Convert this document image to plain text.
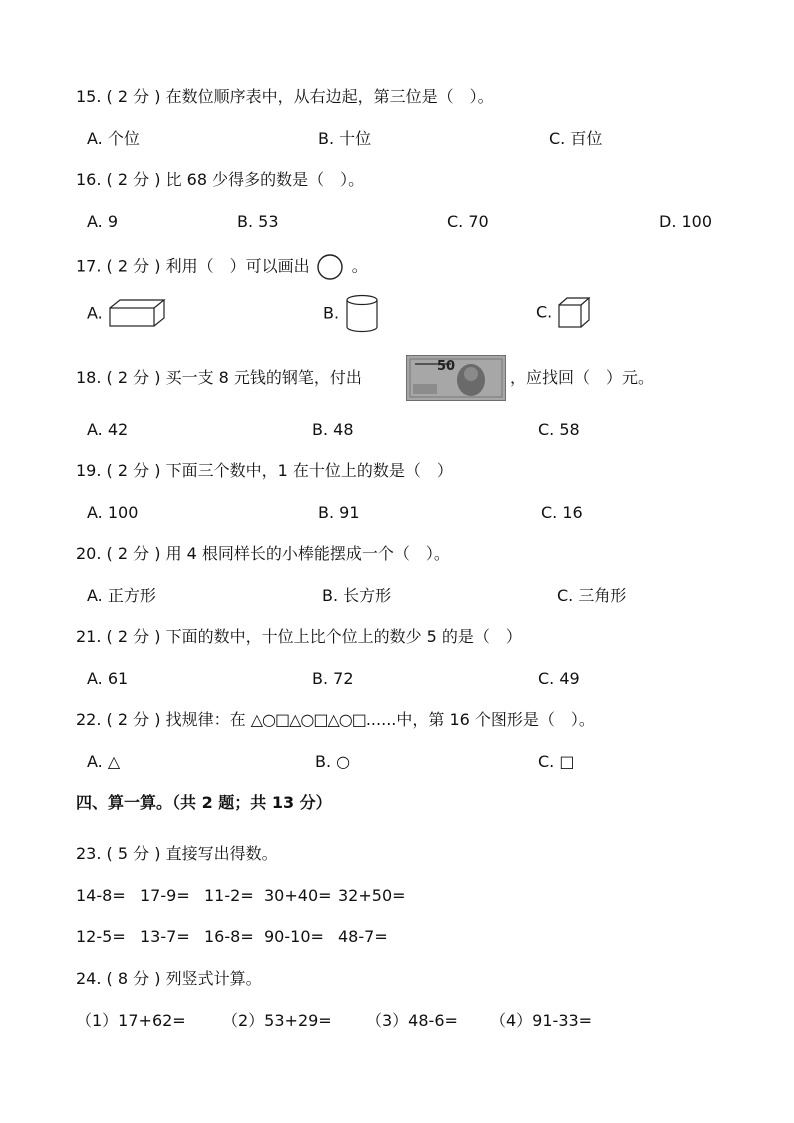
15. ( 2 分 ) 在数位顺序表中，从右边起，第三位是（　）。
A. 个位	B. 十位	C. 百位
16. ( 2 分 ) 比 68 少得多的数是（　）。
A. 9	B. 53	C. 70	D. 100
17. ( 2 分 ) 利用（　）可以画出	。
A.	B.	C.
18. ( 2 分 ) 买一支 8 元钱的钢笔，付出
50
，应找回（　）元。
A. 42	B. 48	C. 58
19. ( 2 分 ) 下面三个数中，1 在十位上的数是（　）
A. 100	B. 91	C. 16
20. ( 2 分 ) 用 4 根同样长的小棒能摆成一个（　）。
A. 正方形	B. 长方形	C. 三角形
21. ( 2 分 ) 下面的数中，十位上比个位上的数少 5 的是（　）
A. 61	B. 72	C. 49
22. ( 2 分 ) 找规律：在 △○□△○□△○□......中，第 16 个图形是（　）。
A. △	B. ○	C. □
四、算一算。（共 2 题；共 13 分）
23. ( 5 分 ) 直接写出得数。
14-8= 17-9= 11-2= 30+40= 32+50=
12-5= 13-7= 16-8= 90-10= 48-7=
24. ( 8 分 ) 列竖式计算。
（1）17+62= （2）53+29= （3）48-6= （4）91-33=
